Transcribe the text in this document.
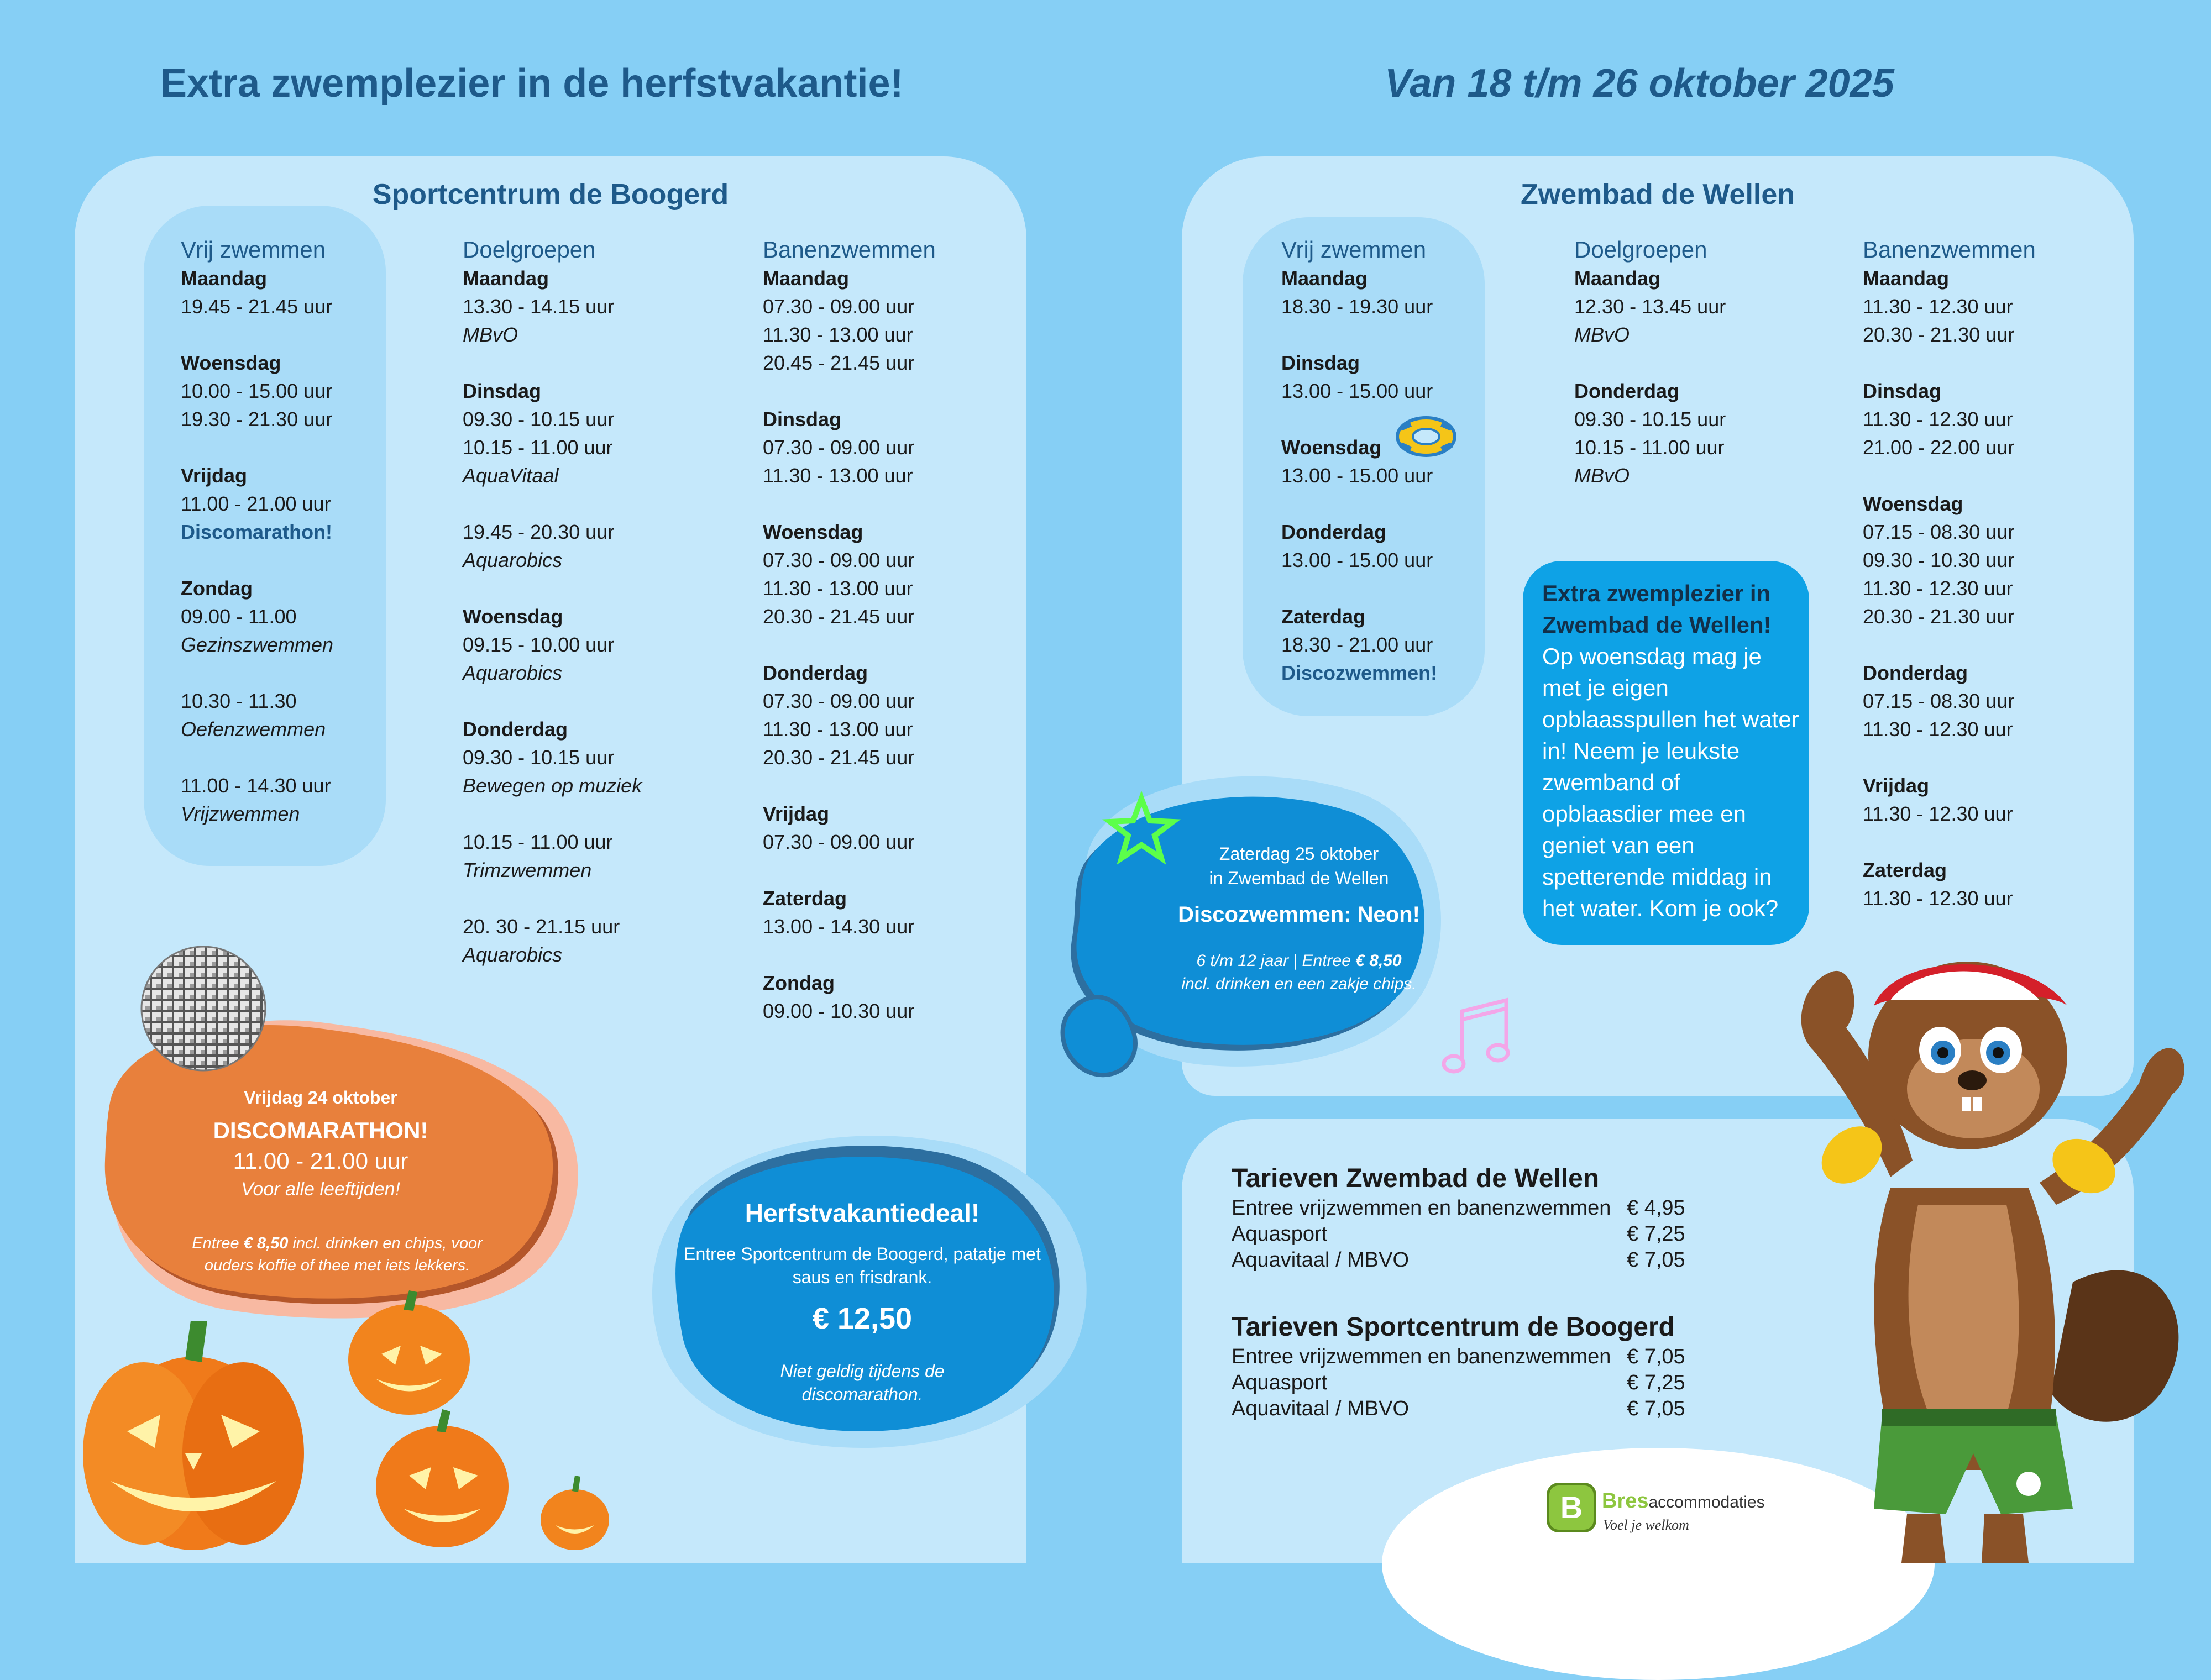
Extra zwemplezier in de herfstvakantie!	Van 18 t/m 26 oktober 2025
Sportcentrum de Boogerd
Vrij zwemmen
Maandag
19.45 - 21.45 uur
Woensdag
10.00 - 15.00 uur
19.30 - 21.30 uur
Vrijdag
11.00 - 21.00 uur
Discomarathon!
Zondag
09.00 - 11.00
Gezinszwemmen
10.30 - 11.30
Oefenzwemmen
11.00 - 14.30 uur
Vrijzwemmen
Doelgroepen
Maandag
13.30 - 14.15 uur
MBvO
Dinsdag
09.30 - 10.15 uur
10.15 - 11.00 uur
AquaVitaal
19.45 - 20.30 uur
Aquarobics
Woensdag
09.15 - 10.00 uur
Aquarobics
Donderdag
09.30 - 10.15 uur
Bewegen op muziek
10.15 - 11.00 uur
Trimzwemmen
20. 30 - 21.15 uur
Aquarobics
Banenzwemmen
Maandag
07.30 - 09.00 uur
11.30 - 13.00 uur
20.45 - 21.45 uur
Dinsdag
07.30 - 09.00 uur
11.30 - 13.00 uur
Woensdag
07.30 - 09.00 uur
11.30 - 13.00 uur
20.30 - 21.45 uur
Donderdag
07.30 - 09.00 uur
11.30 - 13.00 uur
20.30 - 21.45 uur
Vrijdag
07.30 - 09.00 uur
Zaterdag
13.00 - 14.30 uur
Zondag
09.00 - 10.30 uur
Zwembad de Wellen
Vrij zwemmen
Maandag
18.30 - 19.30 uur
Dinsdag
13.00 - 15.00 uur
Woensdag
13.00 - 15.00 uur
Donderdag
13.00 - 15.00 uur
Zaterdag
18.30 - 21.00 uur
Discozwemmen!
Doelgroepen
Maandag
12.30 - 13.45 uur
MBvO
Donderdag
09.30 - 10.15 uur
10.15 - 11.00 uur
MBvO
Banenzwemmen
Maandag
11.30 - 12.30 uur
20.30 - 21.30 uur
Dinsdag
11.30 - 12.30 uur
21.00 - 22.00 uur
Woensdag
07.15 - 08.30 uur
09.30 - 10.30 uur
11.30 - 12.30 uur
20.30 - 21.30 uur
Donderdag
07.15 - 08.30 uur
11.30 - 12.30 uur
Vrijdag
11.30 - 12.30 uur
Zaterdag
11.30 - 12.30 uur
Extra zwemplezier in Zwembad de Wellen!
Op woensdag mag je met je eigen opblaasspullen het water in! Neem je leukste zwemband of opblaasdier mee en geniet van een spetterende middag in het water. Kom je ook?
Zaterdag 25 oktober
in Zwembad de Wellen
Discozwemmen: Neon!
6 t/m 12 jaar | Entree € 8,50
incl. drinken en een zakje chips.
Vrijdag 24 oktober
DISCOMARATHON!
11.00 - 21.00 uur
Voor alle leeftijden!
Entree € 8,50 incl. drinken en chips, voor ouders koffie of thee met iets lekkers.
Herfstvakantiedeal!
Entree Sportcentrum de Boogerd, patatje met saus en frisdrank.
€ 12,50
Niet geldig tijdens de discomarathon.
Tarieven Zwembad de Wellen
Entree vrijzwemmen en banenzwemmen € 4,95
Aquasport	€ 7,25
Aquavitaal / MBVO	€ 7,05
Tarieven Sportcentrum de Boogerd
Entree vrijzwemmen en banenzwemmen € 7,05
Aquasport	€ 7,25
Aquavitaal / MBVO	€ 7,05
B Bresaccommodaties
Voel je welkom
